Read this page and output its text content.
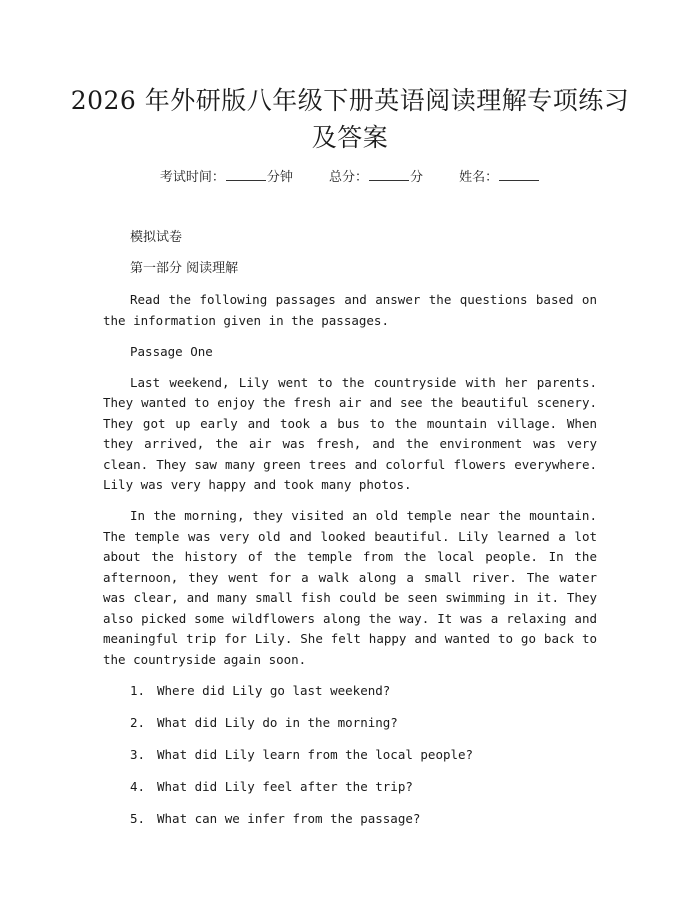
2026 年外研版八年级下册英语阅读理解专项练习及答案
考试时间：	分钟	总分：	分	姓名：
模拟试卷
第一部分 阅读理解
Read the following passages and answer the questions based on the information given in the passages.
Passage One
Last weekend, Lily went to the countryside with her parents. They wanted to enjoy the fresh air and see the beautiful scenery. They got up early and took a bus to the mountain village. When they arrived, the air was fresh, and the environment was very clean. They saw many green trees and colorful flowers everywhere. Lily was very happy and took many photos.
In the morning, they visited an old temple near the mountain. The temple was very old and looked beautiful. Lily learned a lot about the history of the temple from the local people. In the afternoon, they went for a walk along a small river. The water was clear, and many small fish could be seen swimming in it. They also picked some wildflowers along the way. It was a relaxing and meaningful trip for Lily. She felt happy and wanted to go back to the countryside again soon.
1. Where did Lily go last weekend?
2. What did Lily do in the morning?
3. What did Lily learn from the local people?
4. What did Lily feel after the trip?
5. What can we infer from the passage?
